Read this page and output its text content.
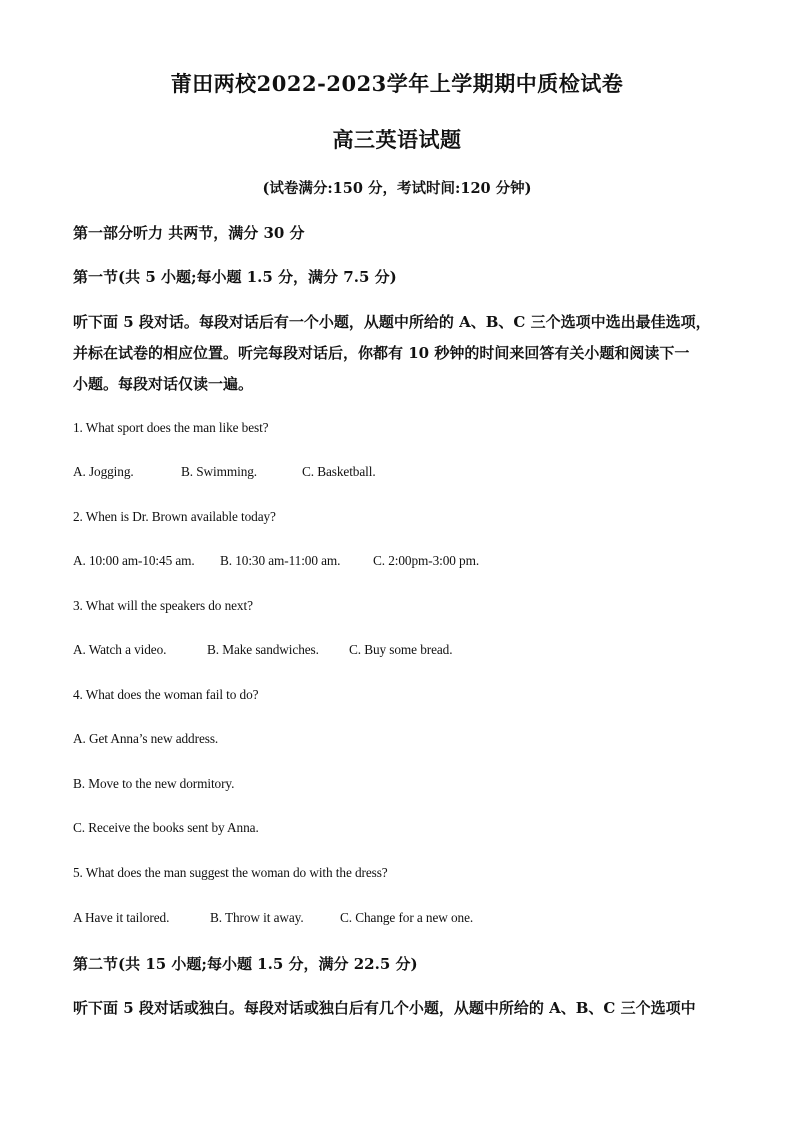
莆田两校2022-2023学年上学期期中质检试卷
高三英语试题
(试卷满分:150 分，考试时间:120 分钟)
第一部分听力 共两节，满分 30 分
第一节(共 5 小题;每小题 1.5 分，满分 7.5 分)
听下面 5 段对话。每段对话后有一个小题，从题中所给的 A、B、C 三个选项中选出最佳选项，
并标在试卷的相应位置。听完每段对话后，你都有 10 秒钟的时间来回答有关小题和阅读下一
小题。每段对话仅读一遍。
1. What sport does the man like best?
A. Jogging.	B. Swimming.	C. Basketball.
2. When is Dr. Brown available today?
A. 10:00 am-10:45 am. B. 10:30 am-11:00 am. C. 2:00pm-3:00 pm.
3. What will the speakers do next?
A. Watch a video.	B. Make sandwiches. C. Buy some bread.
4. What does the woman fail to do?
A. Get Anna’s new address.
B. Move to the new dormitory.
C. Receive the books sent by Anna.
5. What does the man suggest the woman do with the dress?
A Have it tailored.	B. Throw it away.	C. Change for a new one.
第二节(共 15 小题;每小题 1.5 分，满分 22.5 分)
听下面 5 段对话或独白。每段对话或独白后有几个小题，从题中所给的 A、B、C 三个选项中
